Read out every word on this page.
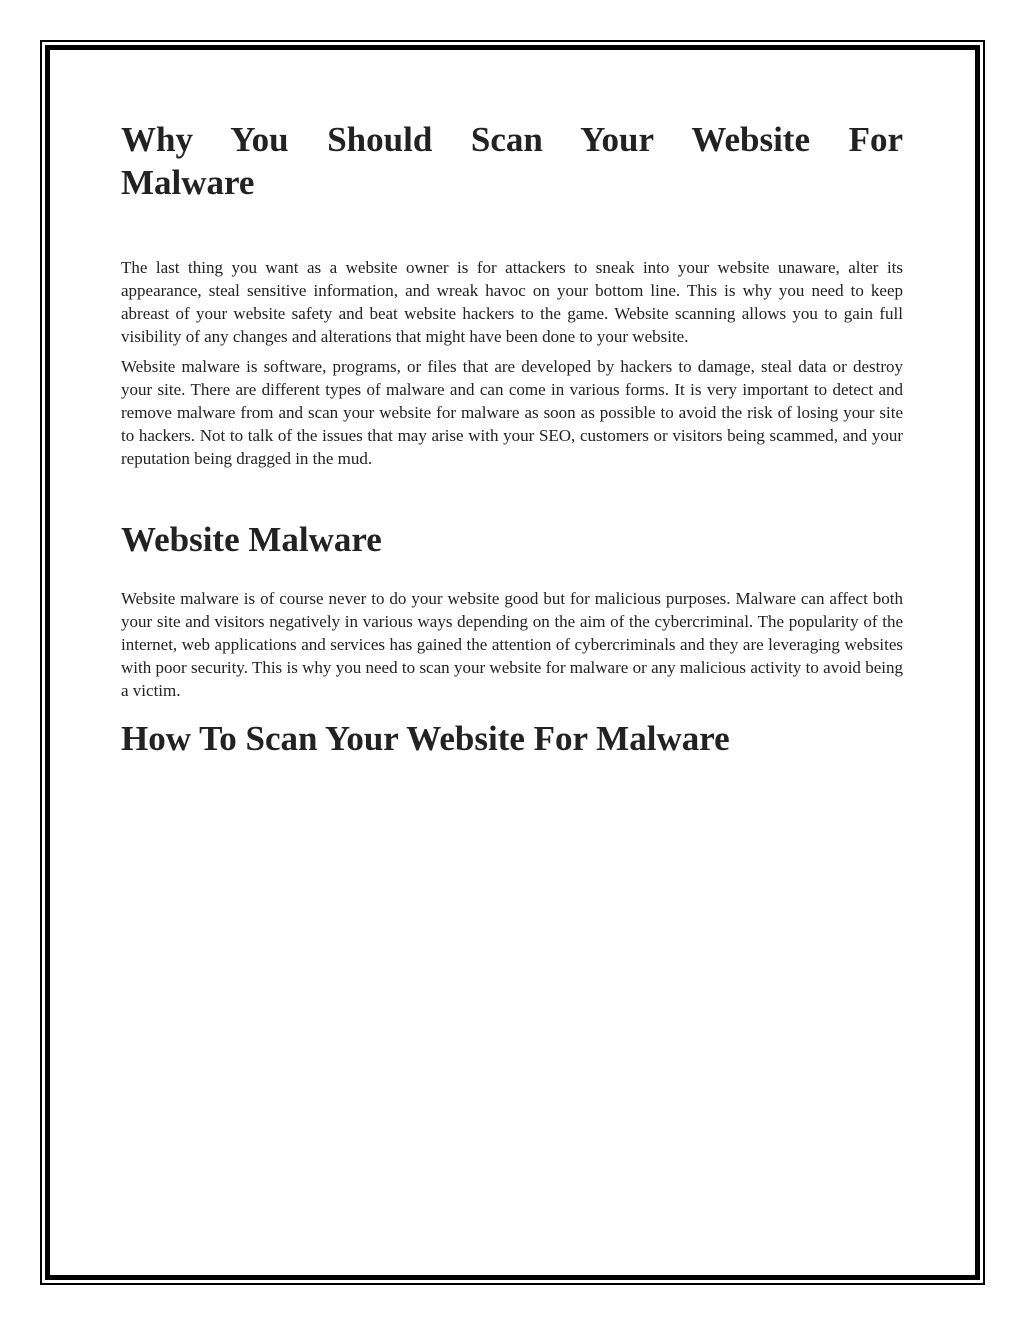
Why You Should Scan Your Website For
Malware

The last thing you want as a website owner is for attackers to sneak into your website unaware, alter its appearance, steal sensitive information, and wreak havoc on your bottom line. This is why you need to keep abreast of your website safety and beat website hackers to the game. Website scanning allows you to gain full visibility of any changes and alterations that might have been done to your website.

Website malware is software, programs, or files that are developed by hackers to damage, steal data or destroy your site. There are different types of malware and can come in various forms. It is very important to detect and remove malware from and scan your website for malware as soon as possible to avoid the risk of losing your site to hackers. Not to talk of the issues that may arise with your SEO, customers or visitors being scammed, and your reputation being dragged in the mud.

Website Malware

Website malware is of course never to do your website good but for malicious purposes. Malware can affect both your site and visitors negatively in various ways depending on the aim of the cybercriminal. The popularity of the internet, web applications and services has gained the attention of cybercriminals and they are leveraging websites with poor security. This is why you need to scan your website for malware or any malicious activity to avoid being a victim.

How To Scan Your Website For Malware
